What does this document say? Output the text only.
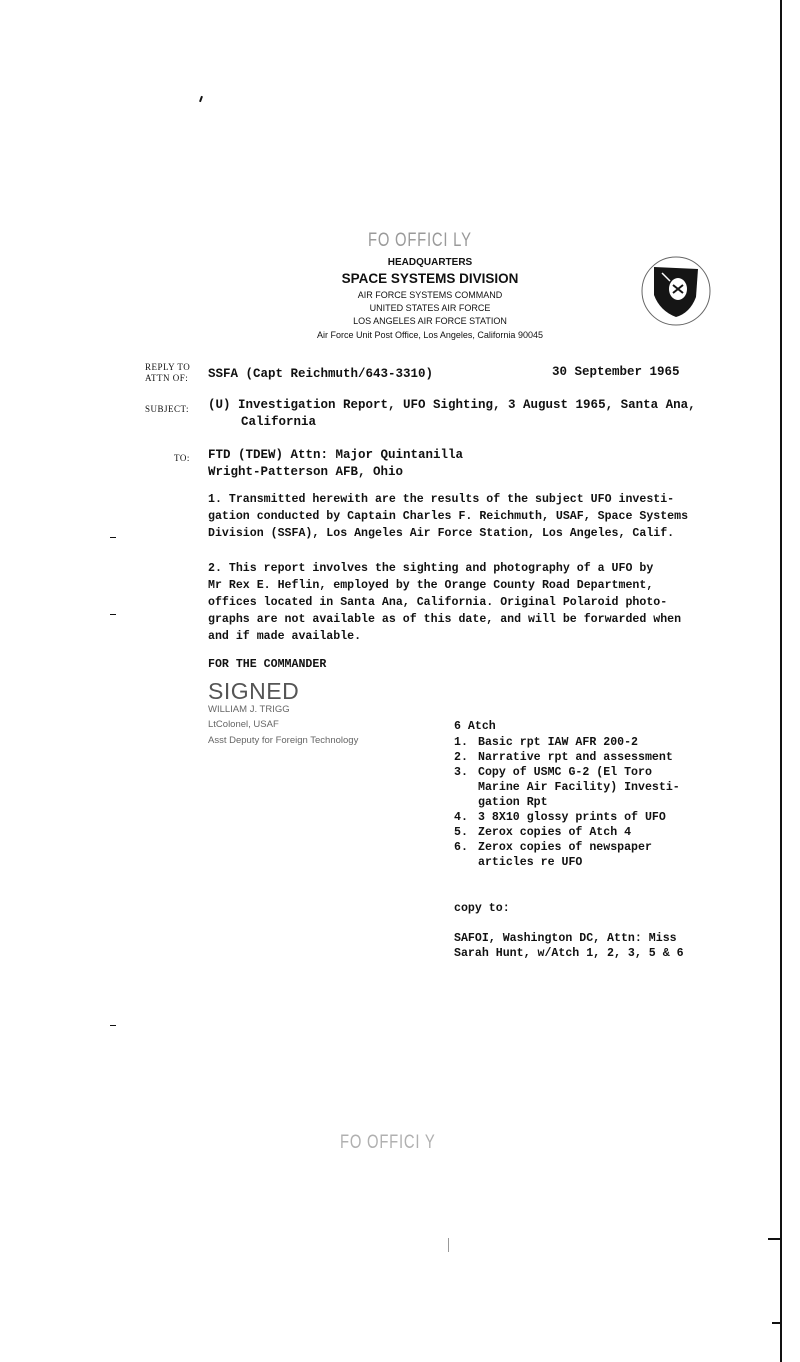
FO OFFICI LY
HEADQUARTERS
SPACE SYSTEMS DIVISION
AIR FORCE SYSTEMS COMMAND
UNITED STATES AIR FORCE
LOS ANGELES AIR FORCE STATION
Air Force Unit Post Office, Los Angeles, California 90045
REPLY TO
ATTN OF: SSFA (Capt Reichmuth/643-3310)	30 September 1965
SUBJECT: (U) Investigation Report, UFO Sighting, 3 August 1965, Santa Ana,
California
TO: FTD (TDEW) Attn: Major Quintanilla
Wright-Patterson AFB, Ohio
1. Transmitted herewith are the results of the subject UFO investi-
gation conducted by Captain Charles F. Reichmuth, USAF, Space Systems
Division (SSFA), Los Angeles Air Force Station, Los Angeles, Calif.
2. This report involves the sighting and photography of a UFO by
Mr Rex E. Heflin, employed by the Orange County Road Department,
offices located in Santa Ana, California. Original Polaroid photo-
graphs are not available as of this date, and will be forwarded when
and if made available.
FOR THE COMMANDER
SIGNED
WILLIAM J. TRIGG
LtColonel, USAF
Asst Deputy for Foreign Technology
6 Atch
1. Basic rpt IAW AFR 200-2
2. Narrative rpt and assessment
3. Copy of USMC G-2 (El Toro
Marine Air Facility) Investi-
gation Rpt
4. 3 8X10 glossy prints of UFO
5. Zerox copies of Atch 4
6. Zerox copies of newspaper
articles re UFO
copy to:
SAFOI, Washington DC, Attn: Miss
Sarah Hunt, w/Atch 1, 2, 3, 5 & 6
FO OFFICI Y
